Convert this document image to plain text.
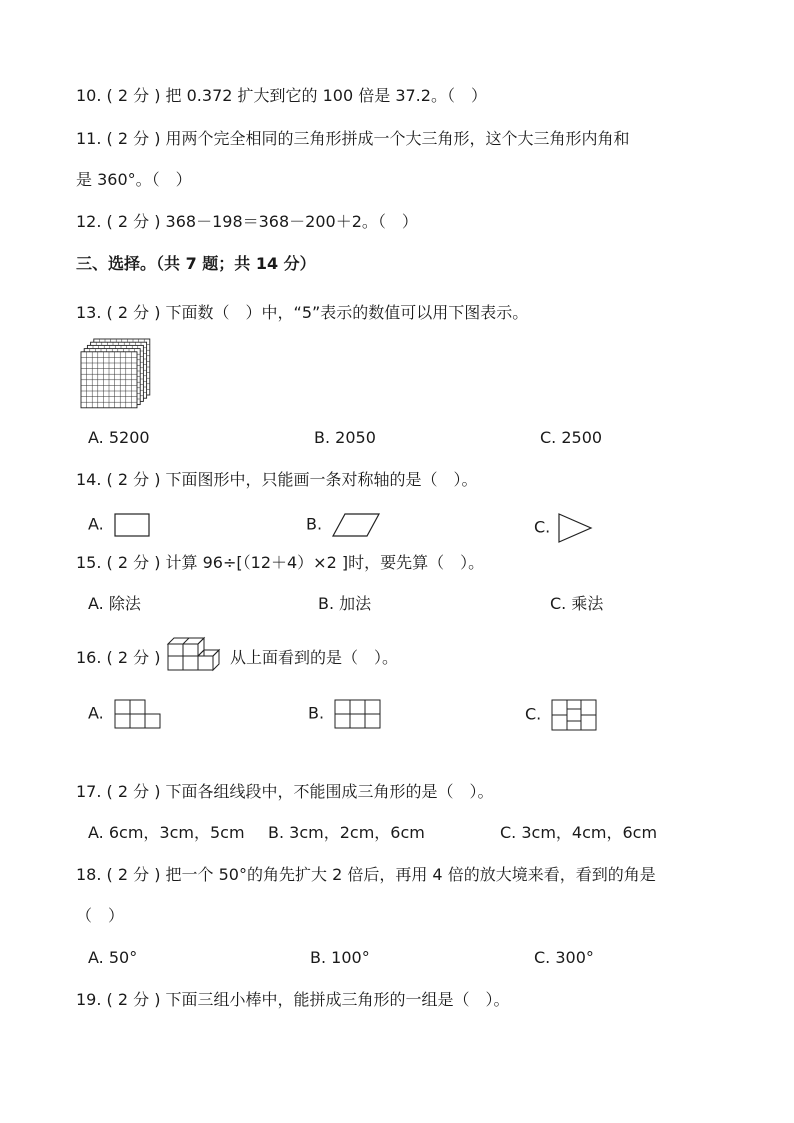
10. ( 2 分 ) 把 0.372 扩大到它的 100 倍是 37.2。（　）
11. ( 2 分 ) 用两个完全相同的三角形拼成一个大三角形，这个大三角形内角和
是 360°。（　）
12. ( 2 分 ) 368－198＝368－200＋2。（　）
三、选择。（共 7 题；共 14 分）
13. ( 2 分 ) 下面数（　）中，“5”表示的数值可以用下图表示。
A. 5200	B. 2050	C. 2500
14. ( 2 分 ) 下面图形中，只能画一条对称轴的是（　）。
A.	B.	C.
15. ( 2 分 ) 计算 96÷[（12＋4）×2 ]时，要先算（　）。
A. 除法	B. 加法	C. 乘法
16. ( 2 分 )	从上面看到的是（　）。
A.	B.	C.
17. ( 2 分 ) 下面各组线段中，不能围成三角形的是（　）。
A. 6cm，3cm，5cm B. 3cm，2cm，6cm	C. 3cm，4cm，6cm
18. ( 2 分 ) 把一个 50°的角先扩大 2 倍后，再用 4 倍的放大境来看，看到的角是
（　）
A. 50°	B. 100°	C. 300°
19. ( 2 分 ) 下面三组小棒中，能拼成三角形的一组是（　）。
